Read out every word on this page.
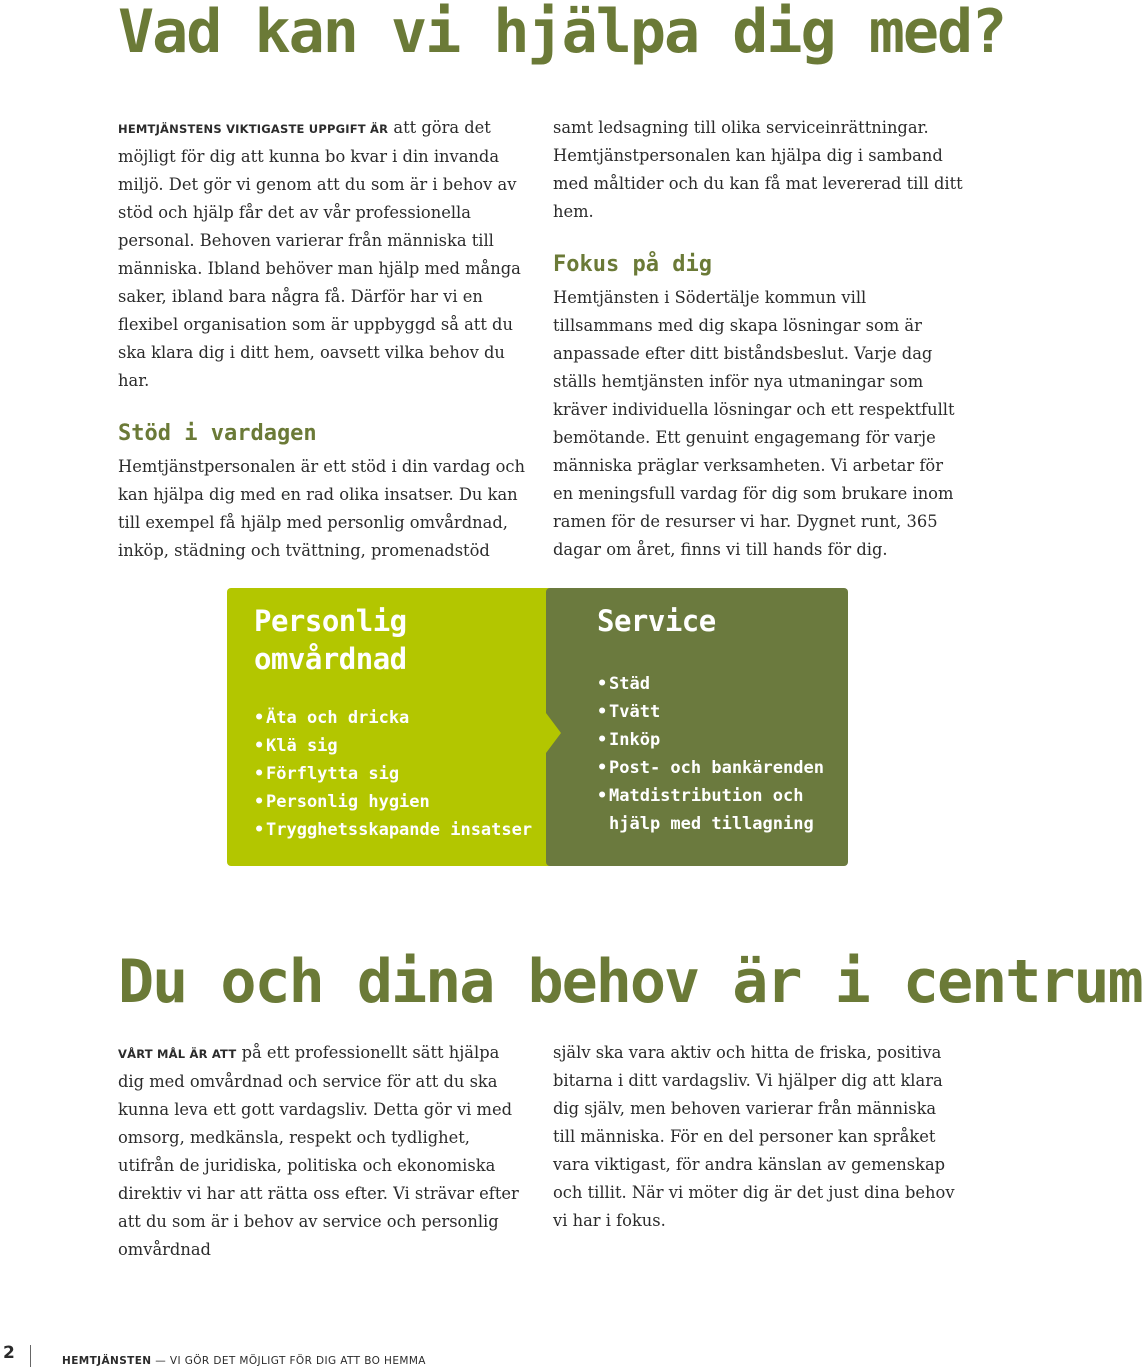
Vad kan vi hjälpa dig med?

HEMTJÄNSTENS VIKTIGASTE UPPGIFT ÄR att göra det möjligt för dig att kunna bo kvar i din invanda miljö. Det gör vi genom att du som är i behov av stöd och hjälp får det av vår professionella personal. Behoven varierar från människa till människa. Ibland behöver man hjälp med många saker, ibland bara några få. Därför har vi en flexibel organisation som är uppbyggd så att du ska klara dig i ditt hem, oavsett vilka behov du har.

Stöd i vardagen

Hemtjänstpersonalen är ett stöd i din vardag och kan hjälpa dig med en rad olika insatser. Du kan till exempel få hjälp med personlig omvårdnad, inköp, städning och tvättning, promenadstöd

samt ledsagning till olika serviceinrättningar. Hemtjänstpersonalen kan hjälpa dig i samband med måltider och du kan få mat levererad till ditt hem.

Fokus på dig

Hemtjänsten i Södertälje kommun vill tillsammans med dig skapa lösningar som är anpassade efter ditt biståndsbeslut. Varje dag ställs hemtjänsten inför nya utmaningar som kräver individuella lösningar och ett respektfullt bemötande. Ett genuint engagemang för varje människa präglar verksamheten. Vi arbetar för en meningsfull vardag för dig som brukare inom ramen för de resurser vi har. Dygnet runt, 365 dagar om året, finns vi till hands för dig.

Personlig
omvårdnad
• Äta och dricka
• Klä sig
• Förflytta sig
• Personlig hygien
• Trygghetsskapande insatser
Service
• Städ
• Tvätt
• Inköp
• Post- och bankärenden
• Matdistribution och
hjälp med tillagning
Du och dina behov är i centrum

VÅRT MÅL ÄR ATT på ett professionellt sätt hjälpa dig med omvårdnad och service för att du ska kunna leva ett gott vardagsliv. Detta gör vi med omsorg, medkänsla, respekt och tydlighet, utifrån de juridiska, politiska och ekonomiska direktiv vi har att rätta oss efter. Vi strävar efter att du som är i behov av service och personlig omvårdnad

själv ska vara aktiv och hitta de friska, positiva bitarna i ditt vardagsliv. Vi hjälper dig att klara dig själv, men behoven varierar från människa till människa. För en del personer kan språket vara viktigast, för andra känslan av gemenskap och tillit. När vi möter dig är det just dina behov vi har i fokus.

2	HEMTJÄNSTEN — VI GÖR DET MÖJLIGT FÖR DIG ATT BO HEMMA
